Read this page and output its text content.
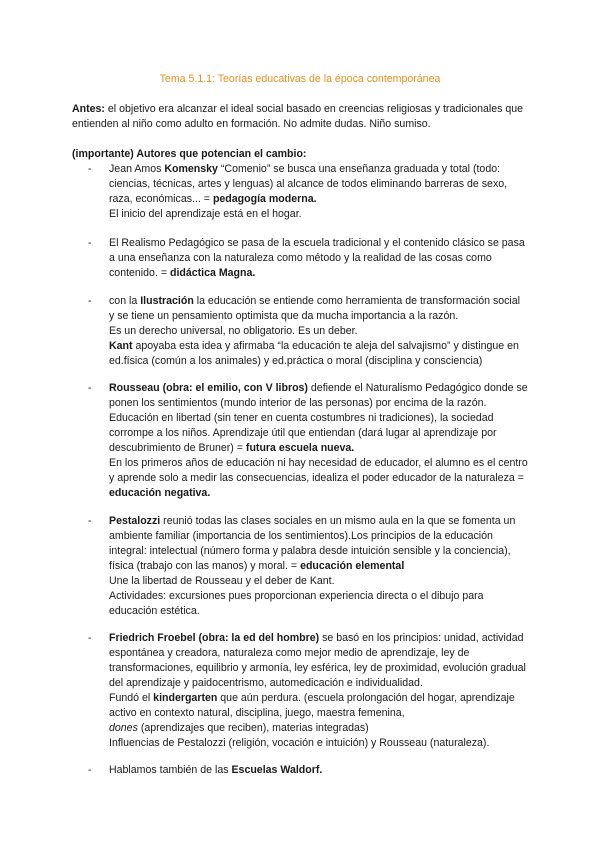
Tema 5.1.1: Teorías educativas de la época contemporánea
Antes: el objetivo era alcanzar el ideal social basado en creencias religiosas y tradicionales que entienden al niño como adulto en formación. No admite dudas. Niño sumiso.
(importante) Autores que potencian el cambio:
- Jean Amos Komensky “Comenio” se busca una enseñanza graduada y total (todo: ciencias, técnicas, artes y lenguas) al alcance de todos eliminando barreras de sexo, raza, económicas... = pedagogía moderna.

El inicio del aprendizaje está en el hogar.

- El Realismo Pedagógico se pasa de la escuela tradicional y el contenido clásico se pasa a una enseñanza con la naturaleza como método y la realidad de las cosas como contenido. = didáctica Magna.

- con la Ilustración la educación se entiende como herramienta de transformación social y se tiene un pensamiento optimista que da mucha importancia a la razón.

Es un derecho universal, no obligatorio. Es un deber.

Kant apoyaba esta idea y afirmaba “la educación te aleja del salvajismo” y distingue en ed.física (común a los animales) y ed.práctica o moral (disciplina y consciencia)

- Rousseau (obra: el emilio, con V libros) defiende el Naturalismo Pedagógico donde se ponen los sentimientos (mundo interior de las personas) por encima de la razón. Educación en libertad (sin tener en cuenta costumbres ni tradiciones), la sociedad corrompe a los niños. Aprendizaje útil que entiendan (dará lugar al aprendizaje por descubrimiento de Bruner) = futura escuela nueva.

En los primeros años de educación ni hay necesidad de educador, el alumno es el centro y aprende solo a medir las consecuencias, idealiza el poder educador de la naturaleza = educación negativa.

- Pestalozzi reunió todas las clases sociales en un mismo aula en la que se fomenta un ambiente familiar (importancia de los sentimientos).Los principios de la educación integral: intelectual (número forma y palabra desde intuición sensible y la conciencia), física (trabajo con las manos) y moral. = educación elemental

Une la libertad de Rousseau y el deber de Kant.

Actividades: excursiones pues proporcionan experiencia directa o el dibujo para educación estética.

- Friedrich Froebel (obra: la ed del hombre) se basó en los principios: unidad, actividad espontánea y creadora, naturaleza como mejor medio de aprendizaje, ley de transformaciones, equilibrio y armonía, ley esférica, ley de proximidad, evolución gradual del aprendizaje y paidocentrismo, automedicación e individualidad.

Fundó el kindergarten que aún perdura. (escuela prolongación del hogar, aprendizaje activo en contexto natural, disciplina, juego, maestra femenina,

dones (aprendizajes que reciben), materias integradas)

Influencias de Pestalozzi (religión, vocación e intuición) y Rousseau (naturaleza).

- Hablamos también de las Escuelas Waldorf.
